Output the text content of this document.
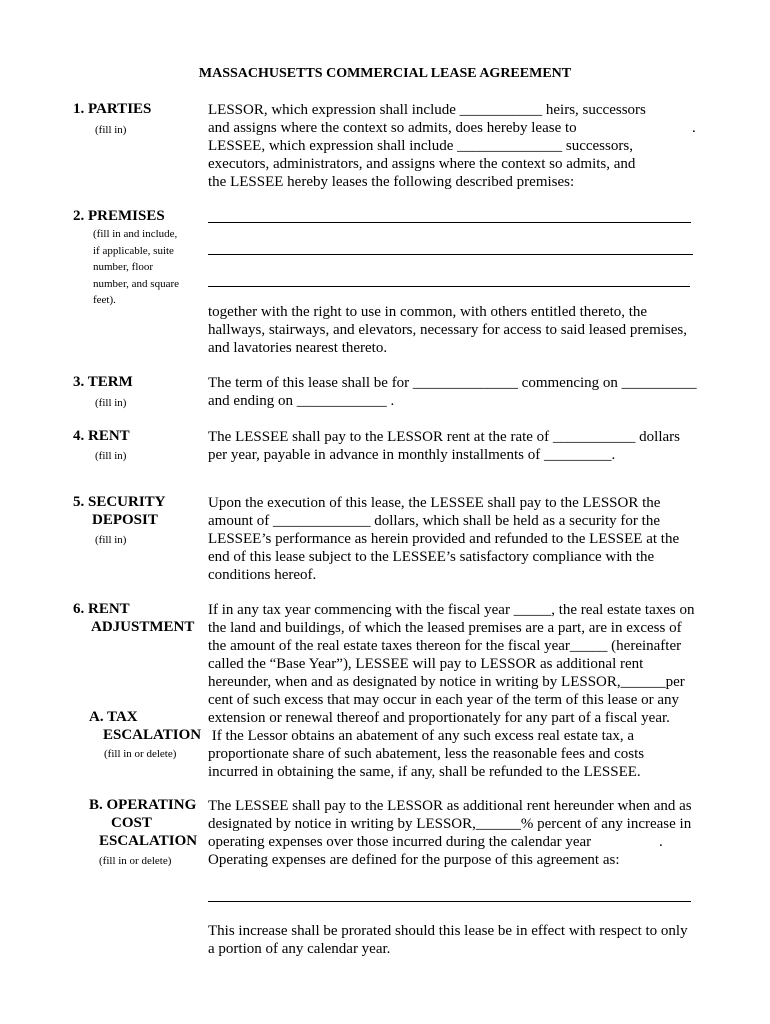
MASSACHUSETTS COMMERCIAL LEASE AGREEMENT
1. PARTIES
(fill in)
LESSOR, which expression shall include ___________ heirs, successors
and assigns where the context so admits, does hereby lease to
LESSEE, which expression shall include ______________ successors,
executors, administrators, and assigns where the context so admits, and
the LESSEE hereby leases the following described premises:
.
2. PREMISES
(fill in and include,
if applicable, suite
number, floor
number, and square
feet).
together with the right to use in common, with others entitled thereto, the
hallways, stairways, and elevators, necessary for access to said leased premises,
and lavatories nearest thereto.
3. TERM
(fill in)
The term of this lease shall be for ______________ commencing on __________
and ending on ____________ .
4. RENT
(fill in)
The LESSEE shall pay to the LESSOR rent at the rate of ___________ dollars
per year, payable in advance in monthly installments of _________.
5. SECURITY
DEPOSIT
(fill in)
Upon the execution of this lease, the LESSEE shall pay to the LESSOR the
amount of _____________ dollars, which shall be held as a security for the
LESSEE’s performance as herein provided and refunded to the LESSEE at the
end of this lease subject to the LESSEE’s satisfactory compliance with the
conditions hereof.
6. RENT
ADJUSTMENT
A. TAX
ESCALATION
(fill in or delete)
If in any tax year commencing with the fiscal year _____, the real estate taxes on
the land and buildings, of which the leased premises are a part, are in excess of
the amount of the real estate taxes thereon for the fiscal year_____ (hereinafter
called the “Base Year”), LESSEE will pay to LESSOR as additional rent
hereunder, when and as designated by notice in writing by LESSOR,______per
cent of such excess that may occur in each year of the term of this lease or any
extension or renewal thereof and proportionately for any part of a fiscal year.
If the Lessor obtains an abatement of any such excess real estate tax, a
proportionate share of such abatement, less the reasonable fees and costs
incurred in obtaining the same, if any, shall be refunded to the LESSEE.
B. OPERATING
COST
ESCALATION
(fill in or delete)
The LESSEE shall pay to the LESSOR as additional rent hereunder when and as
designated by notice in writing by LESSOR,______% percent of any increase in
operating expenses over those incurred during the calendar year
Operating expenses are defined for the purpose of this agreement as:
.
This increase shall be prorated should this lease be in effect with respect to only
a portion of any calendar year.
